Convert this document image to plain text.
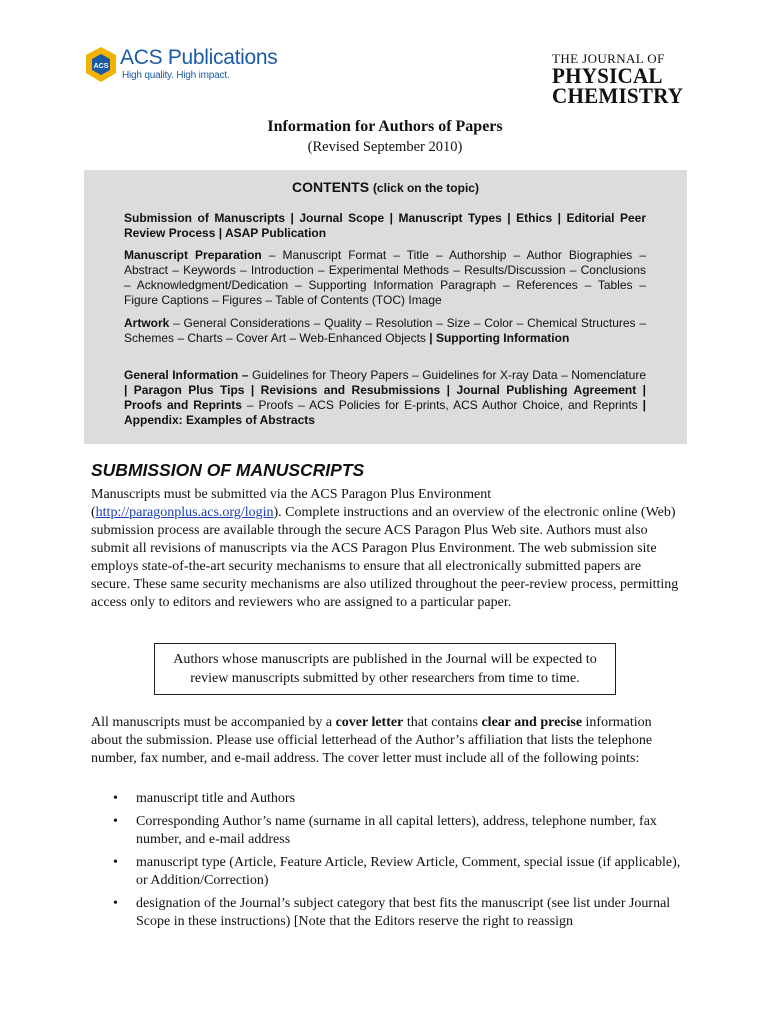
ACS ACS Publications
High quality. High impact.
THE JOURNAL OF
PHYSICAL
CHEMISTRY
Information for Authors of Papers
(Revised September 2010)
CONTENTS (click on the topic)
Submission of Manuscripts | Journal Scope | Manuscript Types | Ethics | Editorial Peer Review Process | ASAP Publication
Manuscript Preparation – Manuscript Format – Title – Authorship – Author Biographies – Abstract – Keywords – Introduction – Experimental Methods – Results/Discussion – Conclusions – Acknowledgment/Dedication – Supporting Information Paragraph – References – Tables – Figure Captions – Figures – Table of Contents (TOC) Image
Artwork – General Considerations – Quality – Resolution – Size – Color – Chemical Structures – Schemes – Charts – Cover Art – Web-Enhanced Objects | Supporting Information
General Information – Guidelines for Theory Papers – Guidelines for X-ray Data – Nomenclature | Paragon Plus Tips | Revisions and Resubmissions | Journal Publishing Agreement | Proofs and Reprints – Proofs – ACS Policies for E-prints, ACS Author Choice, and Reprints | Appendix: Examples of Abstracts
SUBMISSION OF MANUSCRIPTS
Manuscripts must be submitted via the ACS Paragon Plus Environment (http://paragonplus.acs.org/login). Complete instructions and an overview of the electronic online (Web) submission process are available through the secure ACS Paragon Plus Web site. Authors must also submit all revisions of manuscripts via the ACS Paragon Plus Environment. The web submission site employs state-of-the-art security mechanisms to ensure that all electronically submitted papers are secure. These same security mechanisms are also utilized throughout the peer-review process, permitting access only to editors and reviewers who are assigned to a particular paper.
Authors whose manuscripts are published in the Journal will be expected to review manuscripts submitted by other researchers from time to time.
All manuscripts must be accompanied by a cover letter that contains clear and precise information about the submission. Please use official letterhead of the Author’s affiliation that lists the telephone number, fax number, and e-mail address. The cover letter must include all of the following points:
• manuscript title and Authors
• Corresponding Author’s name (surname in all capital letters), address, telephone number, fax number, and e-mail address
• manuscript type (Article, Feature Article, Review Article, Comment, special issue (if applicable), or Addition/Correction)
• designation of the Journal’s subject category that best fits the manuscript (see list under Journal Scope in these instructions) [Note that the Editors reserve the right to reassign
